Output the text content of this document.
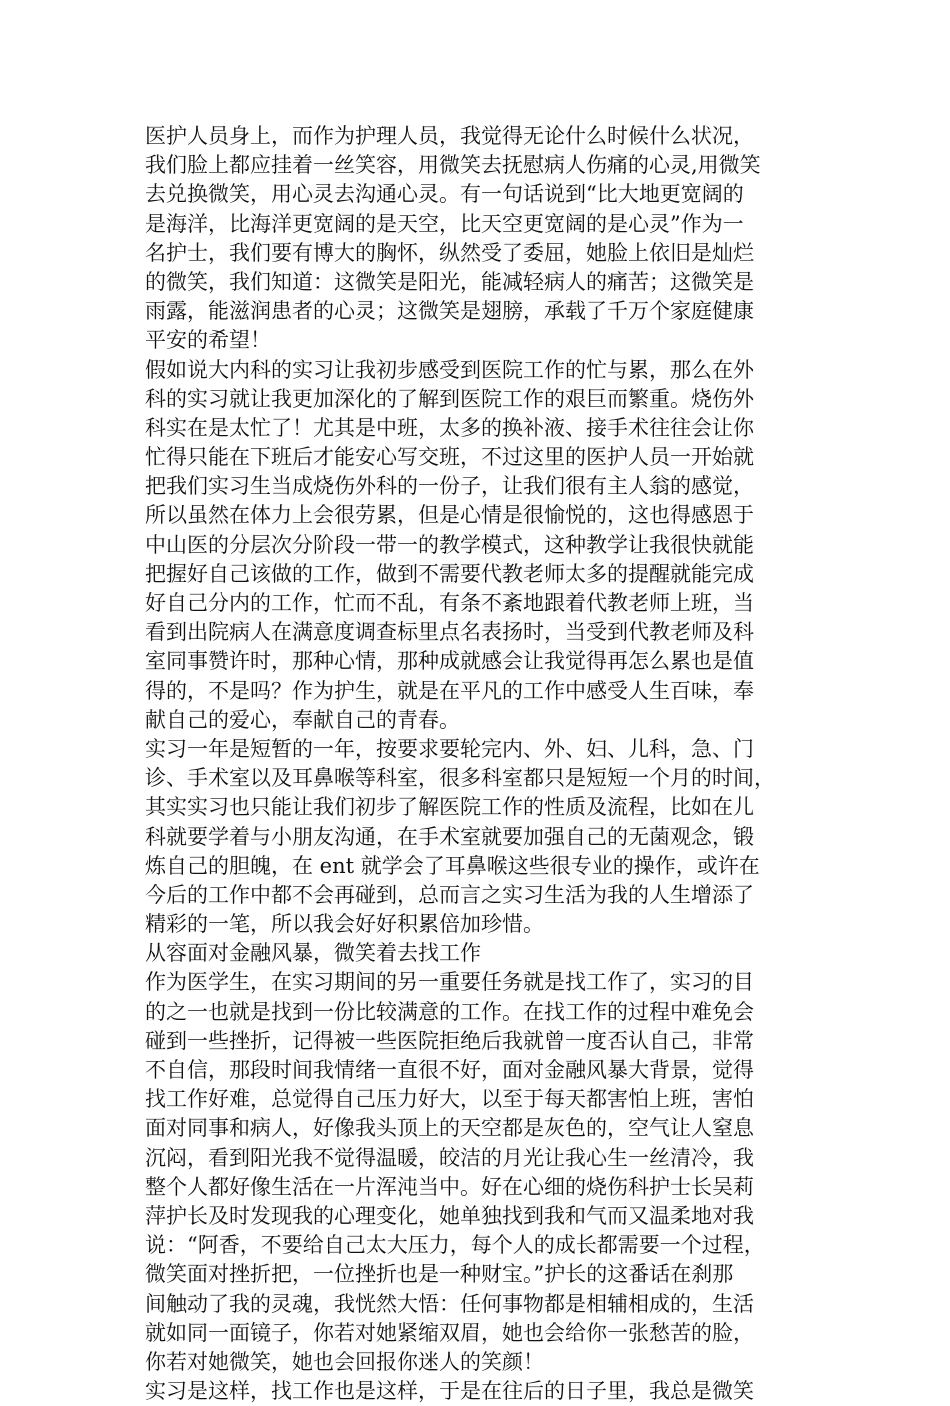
医护人员身上，而作为护理人员，我觉得无论什么时候什么状况，
我们脸上都应挂着一丝笑容，用微笑去抚慰病人伤痛的心灵,用微笑
去兑换微笑，用心灵去沟通心灵。有一句话说到“比大地更宽阔的
是海洋，比海洋更宽阔的是天空，比天空更宽阔的是心灵”作为一
名护士，我们要有博大的胸怀，纵然受了委屈，她脸上依旧是灿烂
的微笑，我们知道：这微笑是阳光，能减轻病人的痛苦；这微笑是
雨露，能滋润患者的心灵；这微笑是翅膀，承载了千万个家庭健康
平安的希望！
假如说大内科的实习让我初步感受到医院工作的忙与累，那么在外
科的实习就让我更加深化的了解到医院工作的艰巨而繁重。烧伤外
科实在是太忙了！尤其是中班，太多的换补液、接手术往往会让你
忙得只能在下班后才能安心写交班，不过这里的医护人员一开始就
把我们实习生当成烧伤外科的一份子，让我们很有主人翁的感觉，
所以虽然在体力上会很劳累，但是心情是很愉悦的，这也得感恩于
中山医的分层次分阶段一带一的教学模式，这种教学让我很快就能
把握好自己该做的工作，做到不需要代教老师太多的提醒就能完成
好自己分内的工作，忙而不乱，有条不紊地跟着代教老师上班，当
看到出院病人在满意度调查标里点名表扬时，当受到代教老师及科
室同事赞许时，那种心情，那种成就感会让我觉得再怎么累也是值
得的，不是吗？作为护生，就是在平凡的工作中感受人生百味，奉
献自己的爱心，奉献自己的青春。
实习一年是短暂的一年，按要求要轮完内、外、妇、儿科，急、门
诊、手术室以及耳鼻喉等科室，很多科室都只是短短一个月的时间，
其实实习也只能让我们初步了解医院工作的性质及流程，比如在儿
科就要学着与小朋友沟通，在手术室就要加强自己的无菌观念，锻
炼自己的胆魄，在 ent 就学会了耳鼻喉这些很专业的操作，或许在
今后的工作中都不会再碰到，总而言之实习生活为我的人生增添了
精彩的一笔，所以我会好好积累倍加珍惜。
从容面对金融风暴，微笑着去找工作
作为医学生，在实习期间的另一重要任务就是找工作了，实习的目
的之一也就是找到一份比较满意的工作。在找工作的过程中难免会
碰到一些挫折，记得被一些医院拒绝后我就曾一度否认自己，非常
不自信，那段时间我情绪一直很不好，面对金融风暴大背景，觉得
找工作好难，总觉得自己压力好大，以至于每天都害怕上班，害怕
面对同事和病人，好像我头顶上的天空都是灰色的，空气让人窒息
沉闷，看到阳光我不觉得温暖，皎洁的月光让我心生一丝清冷，我
整个人都好像生活在一片浑沌当中。好在心细的烧伤科护士长吴莉
萍护长及时发现我的心理变化，她单独找到我和气而又温柔地对我
说：“阿香，不要给自己太大压力，每个人的成长都需要一个过程，
微笑面对挫折把，一位挫折也是一种财宝。”护长的这番话在刹那
间触动了我的灵魂，我恍然大悟：任何事物都是相辅相成的，生活
就如同一面镜子，你若对她紧缩双眉，她也会给你一张愁苦的脸，
你若对她微笑，她也会回报你迷人的笑颜！
实习是这样，找工作也是这样，于是在往后的日子里，我总是微笑
